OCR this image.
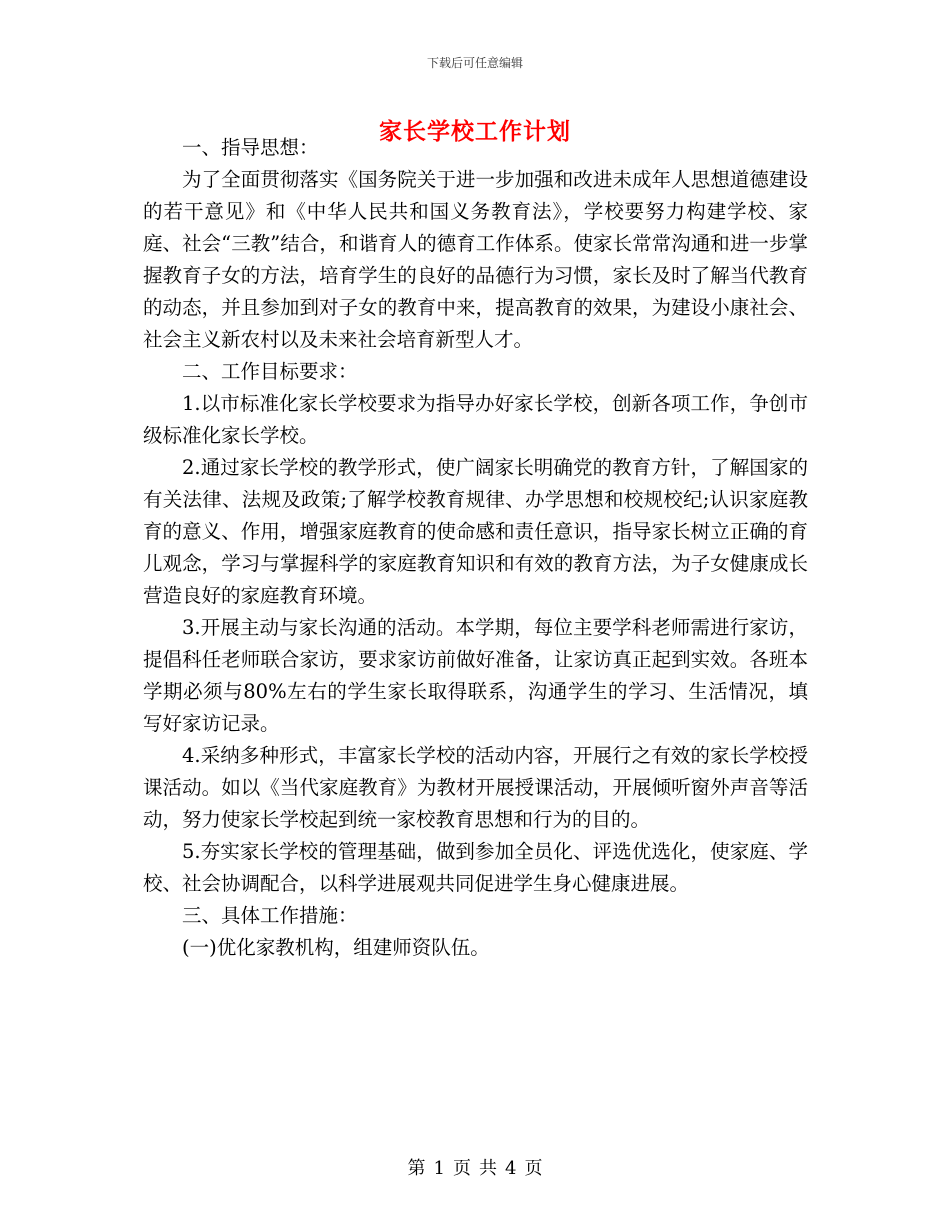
下载后可任意编辑
家长学校工作计划

一、指导思想：

为了全面贯彻落实《国务院关于进一步加强和改进未成年人思想道德建设的若干意见》和《中华人民共和国义务教育法》，学校要努力构建学校、家庭、社会“三教”结合，和谐育人的德育工作体系。使家长常常沟通和进一步掌握教育子女的方法，培育学生的良好的品德行为习惯，家长及时了解当代教育的动态，并且参加到对子女的教育中来，提高教育的效果，为建设小康社会、社会主义新农村以及未来社会培育新型人才。

二、工作目标要求：

1.以市标准化家长学校要求为指导办好家长学校，创新各项工作，争创市级标准化家长学校。

2.通过家长学校的教学形式，使广阔家长明确党的教育方针，了解国家的有关法律、法规及政策;了解学校教育规律、办学思想和校规校纪;认识家庭教育的意义、作用，增强家庭教育的使命感和责任意识，指导家长树立正确的育儿观念，学习与掌握科学的家庭教育知识和有效的教育方法，为子女健康成长营造良好的家庭教育环境。

3.开展主动与家长沟通的活动。本学期，每位主要学科老师需进行家访，提倡科任老师联合家访，要求家访前做好准备，让家访真正起到实效。各班本学期必须与80%左右的学生家长取得联系，沟通学生的学习、生活情况，填写好家访记录。

4.采纳多种形式，丰富家长学校的活动内容，开展行之有效的家长学校授课活动。如以《当代家庭教育》为教材开展授课活动，开展倾听窗外声音等活动，努力使家长学校起到统一家校教育思想和行为的目的。

5.夯实家长学校的管理基础，做到参加全员化、评选优选化，使家庭、学校、社会协调配合，以科学进展观共同促进学生身心健康进展。

三、具体工作措施：

(一)优化家教机构，组建师资队伍。

第 1 页 共 4 页
